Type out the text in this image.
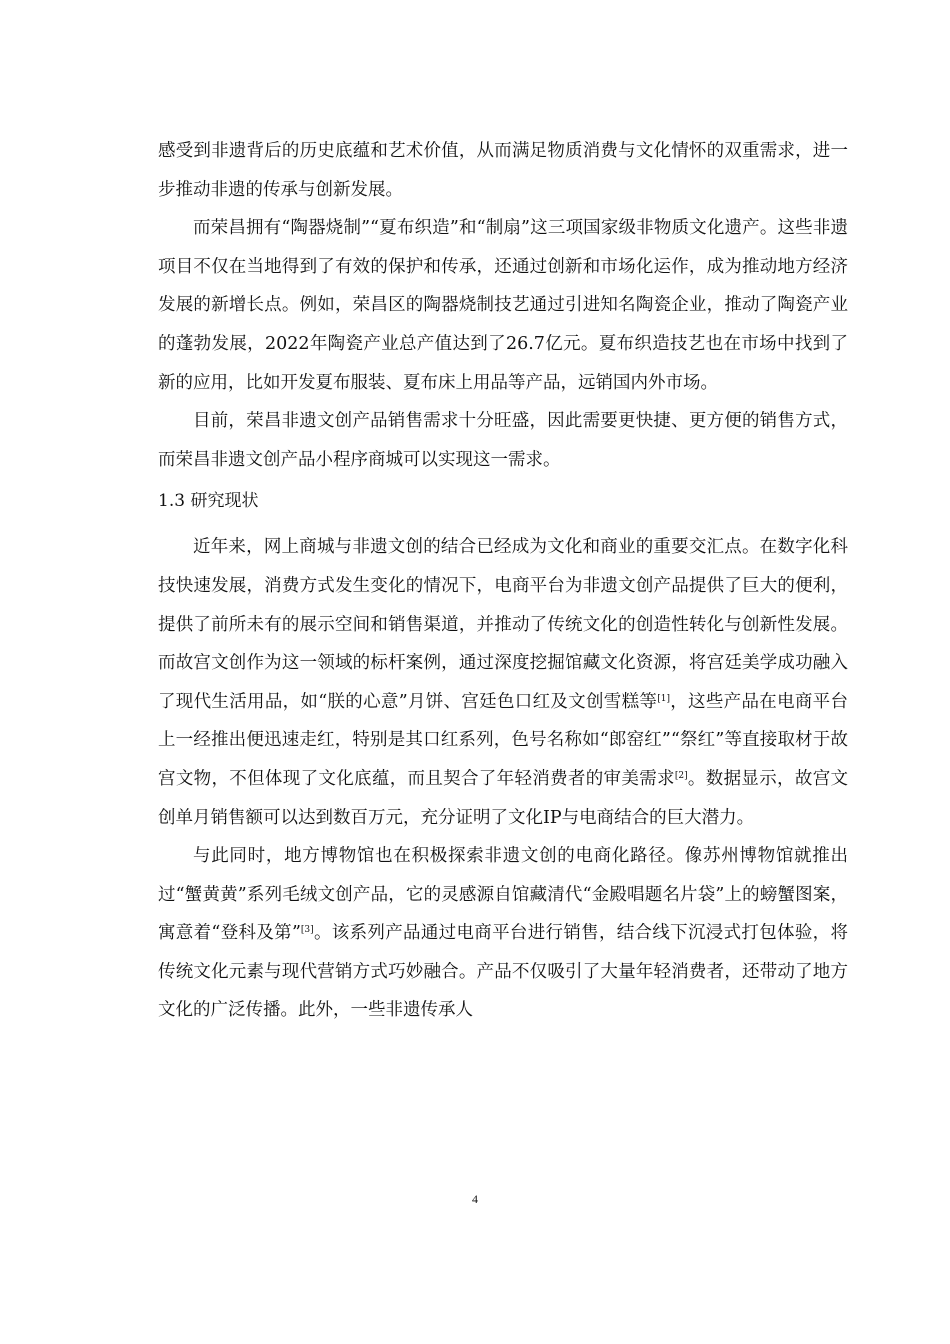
感受到非遗背后的历史底蕴和艺术价值，从而满足物质消费与文化情怀的双重需求，进一步推动非遗的传承与创新发展。

而荣昌拥有“陶器烧制”“夏布织造”和“制扇”这三项国家级非物质文化遗产。这些非遗项目不仅在当地得到了有效的保护和传承，还通过创新和市场化运作，成为推动地方经济发展的新增长点。例如，荣昌区的陶器烧制技艺通过引进知名陶瓷企业，推动了陶瓷产业的蓬勃发展，2022年陶瓷产业总产值达到了26.7亿元。夏布织造技艺也在市场中找到了新的应用，比如开发夏布服装、夏布床上用品等产品，远销国内外市场。

目前，荣昌非遗文创产品销售需求十分旺盛，因此需要更快捷、更方便的销售方式，而荣昌非遗文创产品小程序商城可以实现这一需求。

1.3 研究现状

近年来，网上商城与非遗文创的结合已经成为文化和商业的重要交汇点。在数字化科技快速发展，消费方式发生变化的情况下，电商平台为非遗文创产品提供了巨大的便利，提供了前所未有的展示空间和销售渠道，并推动了传统文化的创造性转化与创新性发展。而故宫文创作为这一领域的标杆案例，通过深度挖掘馆藏文化资源，将宫廷美学成功融入了现代生活用品，如“朕的心意”月饼、宫廷色口红及文创雪糕等[1]，这些产品在电商平台上一经推出便迅速走红，特别是其口红系列，色号名称如“郎窑红”“祭红”等直接取材于故宫文物，不但体现了文化底蕴，而且契合了年轻消费者的审美需求[2]。数据显示，故宫文创单月销售额可以达到数百万元，充分证明了文化IP与电商结合的巨大潜力。

与此同时，地方博物馆也在积极探索非遗文创的电商化路径。像苏州博物馆就推出过“蟹黄黄”系列毛绒文创产品，它的灵感源自馆藏清代“金殿唱题名片袋”上的螃蟹图案，寓意着“登科及第”[3]。该系列产品通过电商平台进行销售，结合线下沉浸式打包体验，将传统文化元素与现代营销方式巧妙融合。产品不仅吸引了大量年轻消费者，还带动了地方文化的广泛传播。此外，一些非遗传承人

4
